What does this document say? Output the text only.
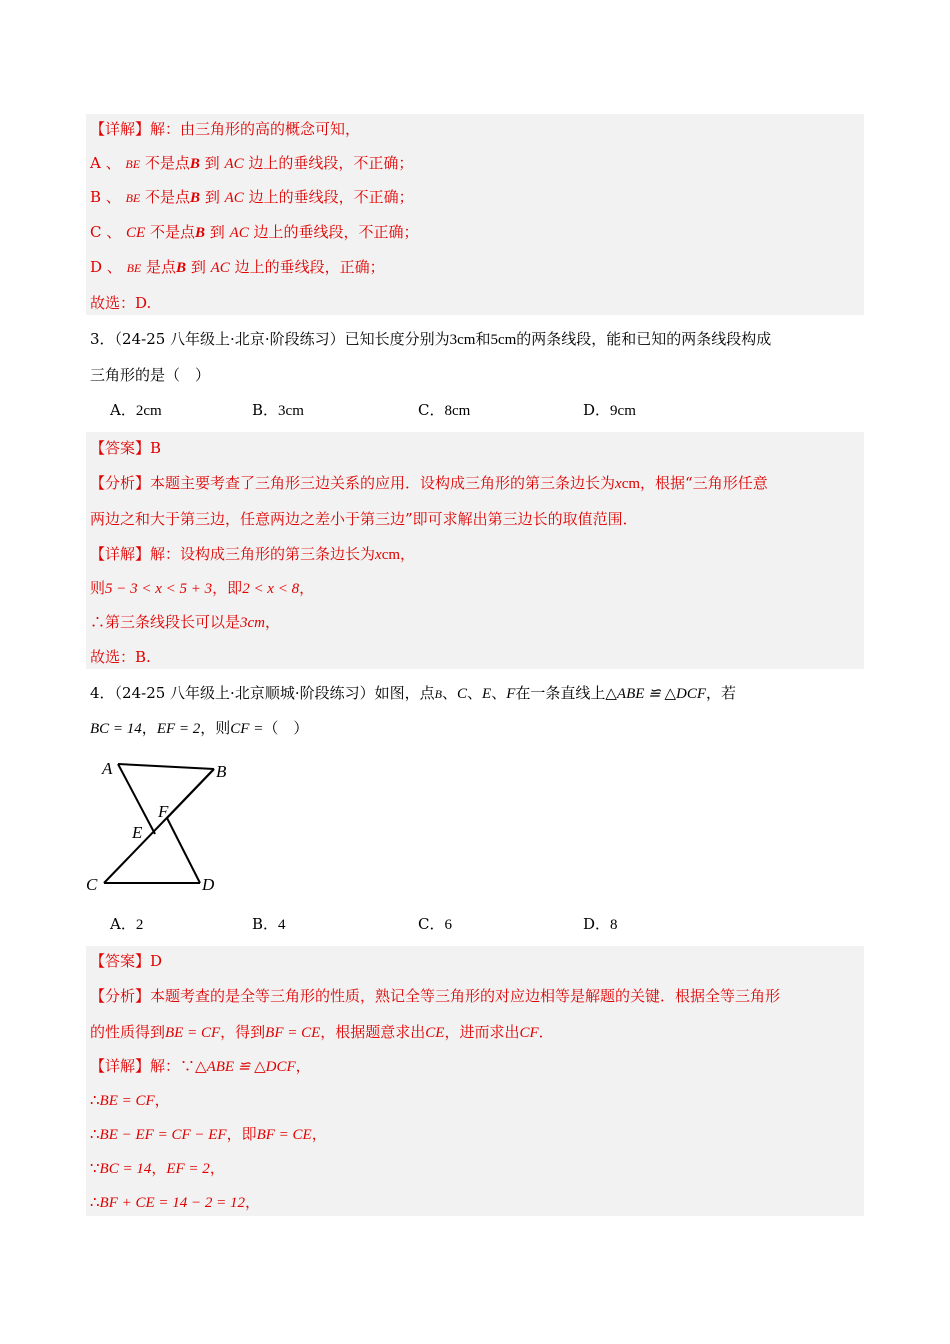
【详解】解：由三角形的高的概念可知，
A 、 BE 不是点B 到 AC 边上的垂线段，不正确；
B 、 BE 不是点B 到 AC 边上的垂线段，不正确；
C 、 CE 不是点B 到 AC 边上的垂线段，不正确；
D 、 BE 是点B 到 AC 边上的垂线段，正确；
故选：D.
3．（24-25 八年级上·北京·阶段练习）已知长度分别为3cm和5cm的两条线段，能和已知的两条线段构成
三角形的是（　）
A．2cm	B．3cm	C．8cm	D．9cm
【答案】B
【分析】本题主要考查了三角形三边关系的应用．设构成三角形的第三条边长为xcm，根据“三角形任意
两边之和大于第三边，任意两边之差小于第三边”即可求解出第三边长的取值范围．
【详解】解：设构成三角形的第三条边长为xcm，
则5 − 3 < x < 5 + 3，即2 < x < 8，
∴第三条线段长可以是3cm，
故选：B.
4．（24-25 八年级上·北京顺城·阶段练习）如图，点B、C、E、F在一条直线上△ABE ≌ △DCF，若
BC = 14，EF = 2，则CF =（　）
A	B
F
E
C	D
A．2	B．4	C．6	D．8
【答案】D
【分析】本题考查的是全等三角形的性质，熟记全等三角形的对应边相等是解题的关键．根据全等三角形
的性质得到BE = CF，得到BF = CE，根据题意求出CE，进而求出CF．
【详解】解：∵△ABE ≌ △DCF，
∴BE = CF，
∴BE − EF = CF − EF，即BF = CE，
∵BC = 14，EF = 2，
∴BF + CE = 14 − 2 = 12，
